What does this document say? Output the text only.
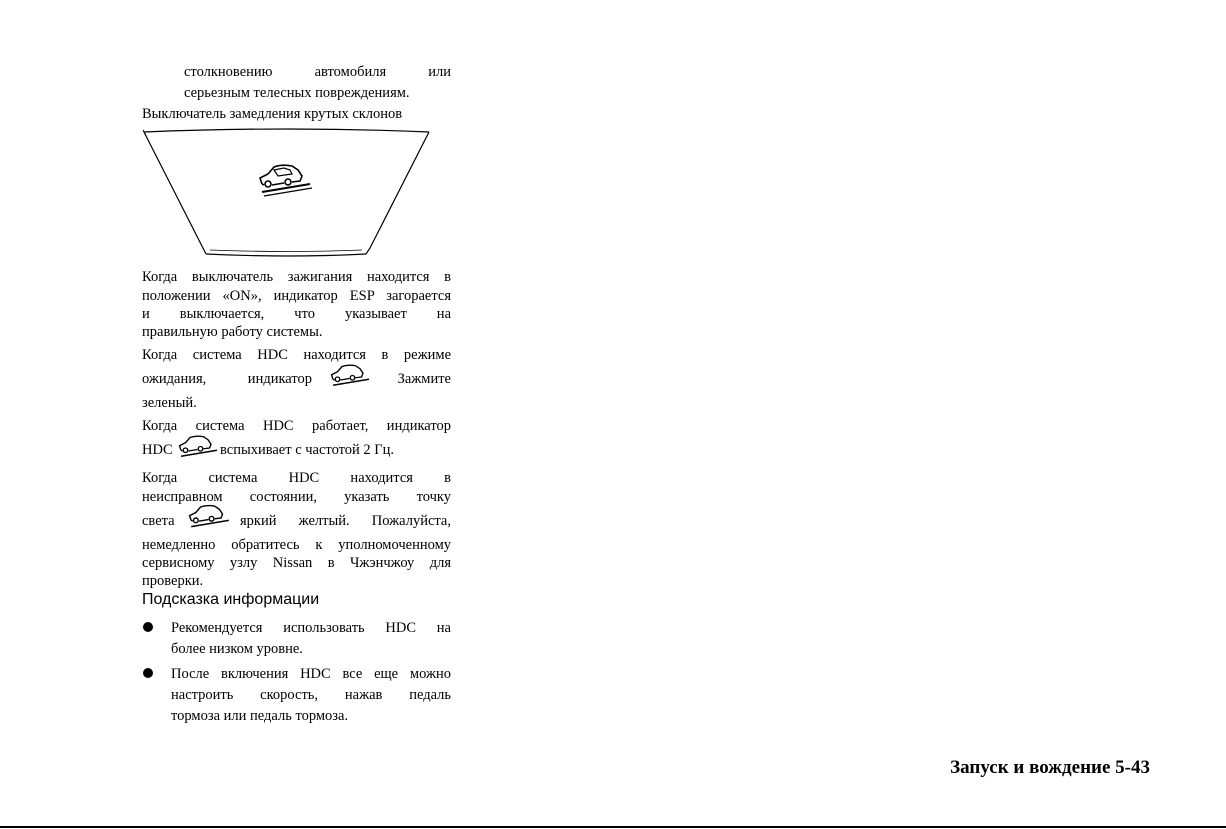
столкновению автомобиля или
серьезным телесных повреждениям.
Выключатель замедления крутых склонов
Когда выключатель зажигания находится в
положении «ON», индикатор ESP загорается
и выключается, что указывает на
правильную работу системы.
Когда система HDC находится в режиме
ожидания, индикатор	Зажмите
зеленый.
Когда система HDC работает, индикатор
HDC	вспыхивает с частотой 2 Гц.
Когда система HDC находится в
неисправном состоянии, указать точку
света	яркий желтый. Пожалуйста,
немедленно обратитесь к уполномоченному
сервисному узлу Nissan в Чжэнчжоу для
проверки.
Подсказка информации
Рекомендуется использовать HDC на
более низком уровне.
После включения HDC все еще можно
настроить скорость, нажав педаль
тормоза или педаль тормоза.
Запуск и вождение 5-43
